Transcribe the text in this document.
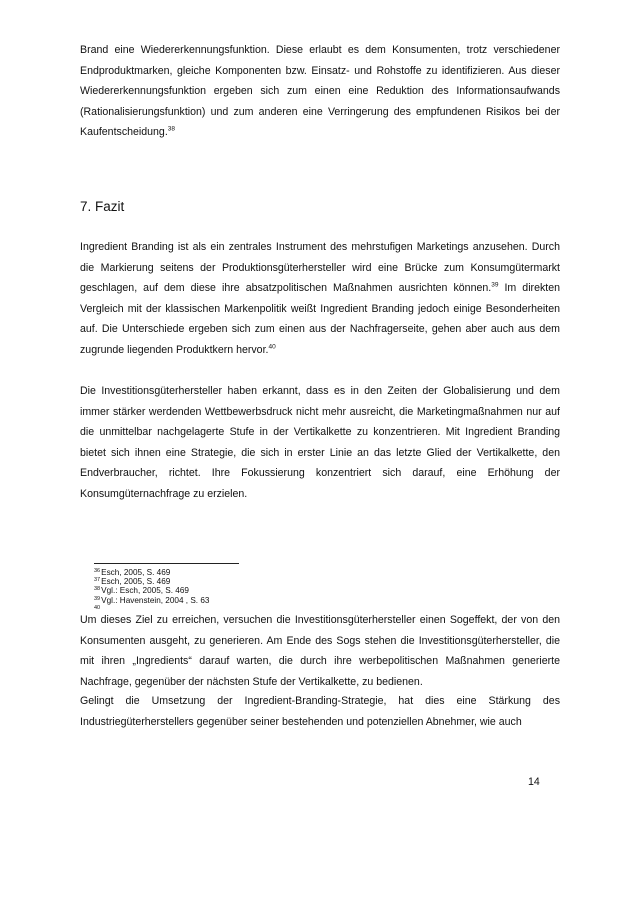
Brand eine Wiedererkennungsfunktion. Diese erlaubt es dem Konsumenten, trotz verschiedener Endproduktmarken, gleiche Komponenten bzw. Einsatz- und Rohstoffe zu identifizieren. Aus dieser Wiedererkennungsfunktion ergeben sich zum einen eine Reduktion des Informationsaufwands (Rationalisierungsfunktion) und zum anderen eine Verringerung des empfundenen Risikos bei der Kaufentscheidung.$^{38}$

7. Fazit

Ingredient Branding ist als ein zentrales Instrument des mehrstufigen Marketings anzusehen. Durch die Markierung seitens der Produktionsgüterhersteller wird eine Brücke zum Konsumgütermarkt geschlagen, auf dem diese ihre absatzpolitischen Maßnahmen ausrichten können.$^{39}$ Im direkten Vergleich mit der klassischen Markenpolitik weißt Ingredient Branding jedoch einige Besonderheiten auf. Die Unterschiede ergeben sich zum einen aus der Nachfragerseite, gehen aber auch aus dem zugrunde liegenden Produktkern hervor.$^{40}$

Die Investitionsgüterhersteller haben erkannt, dass es in den Zeiten der Globalisierung und dem immer stärker werdenden Wettbewerbsdruck nicht mehr ausreicht, die Marketingmaßnahmen nur auf die unmittelbar nachgelagerte Stufe in der Vertikalkette zu konzentrieren. Mit Ingredient Branding bietet sich ihnen eine Strategie, die sich in erster Linie an das letzte Glied der Vertikalkette, den Endverbraucher, richtet. Ihre Fokussierung konzentriert sich darauf, eine Erhöhung der Konsumgüternachfrage zu erzielen.

$^{36}$Esch, 2005, S. 469
$^{37}$Esch, 2005, S. 469
$^{38}$Vgl.: Esch, 2005, S. 469
$^{39}$Vgl.: Havenstein, 2004 , S. 63
$^{40}$

Um dieses Ziel zu erreichen, versuchen die Investitionsgüterhersteller einen Sogeffekt, der von den Konsumenten ausgeht, zu generieren. Am Ende des Sogs stehen die Investitionsgüterhersteller, die mit ihren „Ingredients“ darauf warten, die durch ihre werbepolitischen Maßnahmen generierte Nachfrage, gegenüber der nächsten Stufe der Vertikalkette, zu bedienen.

Gelingt die Umsetzung der Ingredient-Branding-Strategie, hat dies eine Stärkung des Industriegüterherstellers gegenüber seiner bestehenden und potenziellen Abnehmer, wie auch

14
